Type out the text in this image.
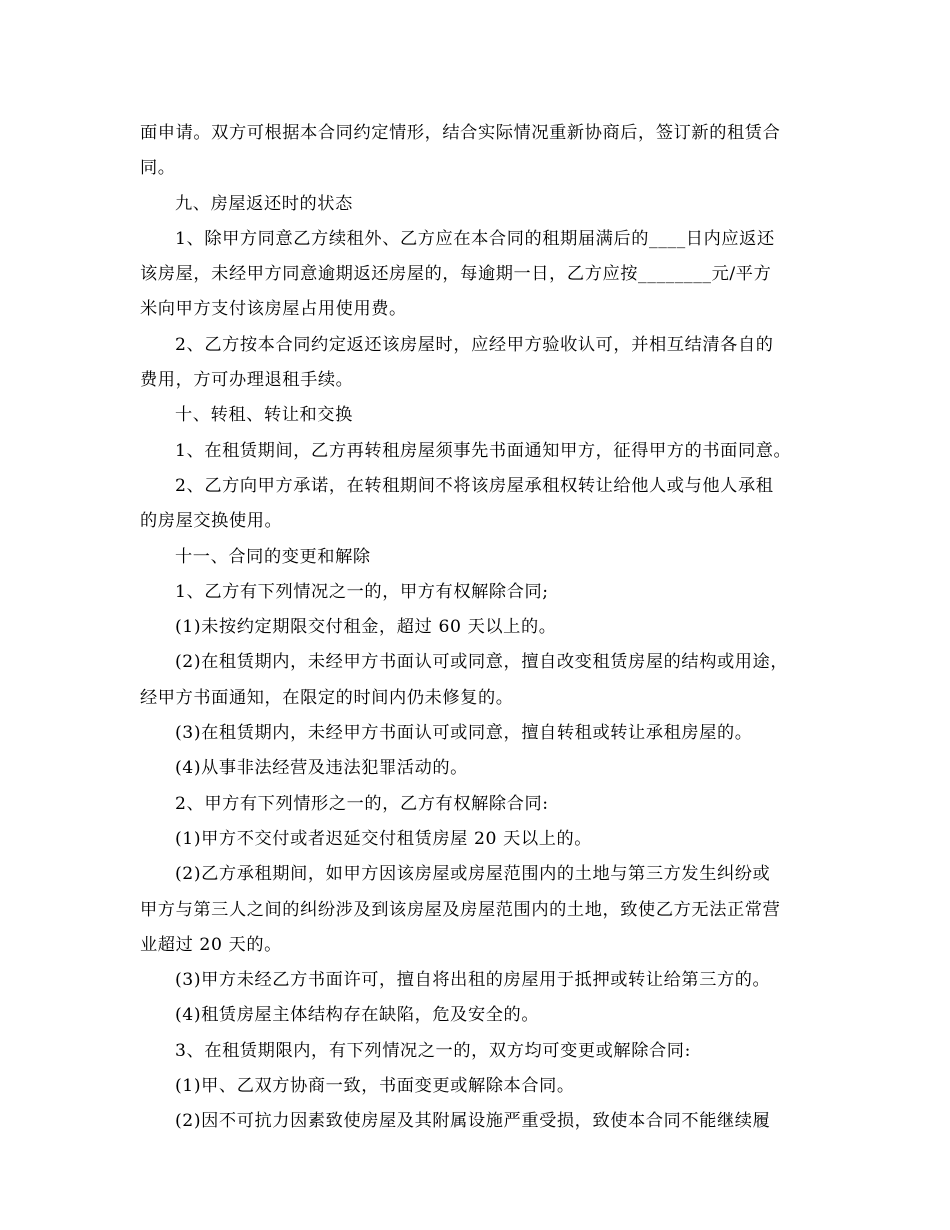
面申请。双方可根据本合同约定情形，结合实际情况重新协商后，签订新的租赁合
同。
九、房屋返还时的状态
1、除甲方同意乙方续租外、乙方应在本合同的租期届满后的____日内应返还
该房屋，未经甲方同意逾期返还房屋的，每逾期一日，乙方应按________元/平方
米向甲方支付该房屋占用使用费。
2、乙方按本合同约定返还该房屋时，应经甲方验收认可，并相互结清各自的
费用，方可办理退租手续。
十、转租、转让和交换
1、在租赁期间，乙方再转租房屋须事先书面通知甲方，征得甲方的书面同意。
2、乙方向甲方承诺，在转租期间不将该房屋承租权转让给他人或与他人承租
的房屋交换使用。
十一、合同的变更和解除
1、乙方有下列情况之一的，甲方有权解除合同;
(1)未按约定期限交付租金，超过 60 天以上的。
(2)在租赁期内，未经甲方书面认可或同意，擅自改变租赁房屋的结构或用途，
经甲方书面通知，在限定的时间内仍未修复的。
(3)在租赁期内，未经甲方书面认可或同意，擅自转租或转让承租房屋的。
(4)从事非法经营及违法犯罪活动的。
2、甲方有下列情形之一的，乙方有权解除合同:
(1)甲方不交付或者迟延交付租赁房屋 20 天以上的。
(2)乙方承租期间，如甲方因该房屋或房屋范围内的土地与第三方发生纠纷或
甲方与第三人之间的纠纷涉及到该房屋及房屋范围内的土地，致使乙方无法正常营
业超过 20 天的。
(3)甲方未经乙方书面许可，擅自将出租的房屋用于抵押或转让给第三方的。
(4)租赁房屋主体结构存在缺陷，危及安全的。
3、在租赁期限内，有下列情况之一的，双方均可变更或解除合同:
(1)甲、乙双方协商一致，书面变更或解除本合同。
(2)因不可抗力因素致使房屋及其附属设施严重受损，致使本合同不能继续履
